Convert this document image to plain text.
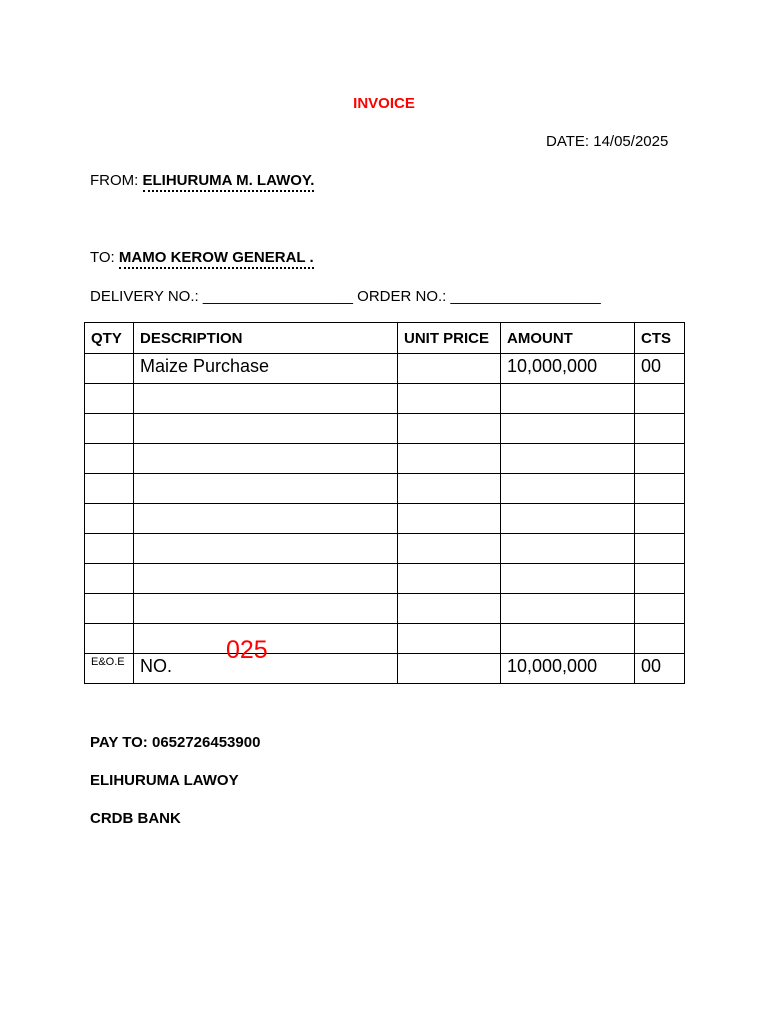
INVOICE
DATE: 14/05/2025
FROM: ELIHURUMA M. LAWOY.
TO: MAMO KEROW GENERAL .
DELIVERY NO.: __________________ ORDER NO.: __________________
QTY	DESCRIPTION	UNIT PRICE	AMOUNT	CTS

	Maize Purchase		10,000,000	00

E&O.E	NO.		10,000,000	00
025
PAY TO: 0652726453900
ELIHURUMA LAWOY
CRDB BANK
